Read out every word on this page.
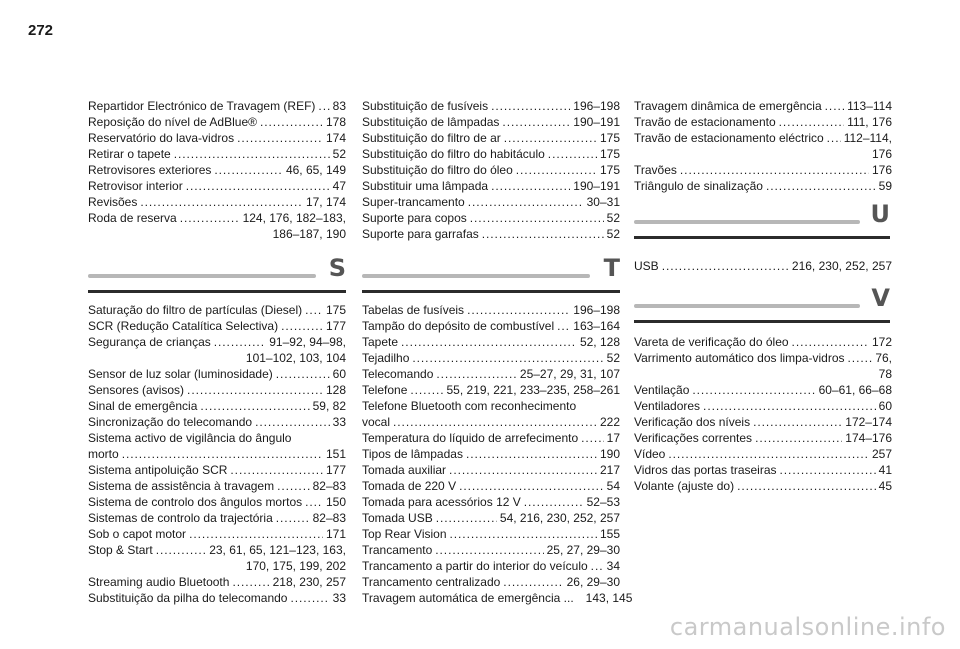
272
Repartidor Electrónico de Travagem (REF) . . . 83
Reposição do nível de AdBlue® . . .	178
Reservatório do lava-vidros . . .	174
Retirar o tapete . . .	52
Retrovisores exteriores . . .	46, 65, 149
Retrovisor interior . . .	47
Revisões . . .	17, 174
Roda de reserva . . .	124, 176, 182–183,
186–187, 190
S
Saturação do filtro de partículas (Diesel) . . . 175
SCR (Redução Catalítica Selectiva) . . .	177
Segurança de crianças . . .	91–92, 94–98,
101–102, 103, 104
Sensor de luz solar (luminosidade) . . .	60
Sensores (avisos) . . .	128
Sinal de emergência . . .	59, 82
Sincronização do telecomando . . .	33
Sistema activo de vigilância do ângulo
morto . . .	151
Sistema antipoluição SCR . . .	177
Sistema de assistência à travagem . . .	82–83
Sistema de controlo dos ângulos mortos . . . 150
Sistemas de controlo da trajectória . . .	82–83
Sob o capot motor . . .	171
Stop & Start . . .	23, 61, 65, 121–123, 163,
170, 175, 199, 202
Streaming audio Bluetooth . . .	218, 230, 257
Substituição da pilha do telecomando . . .	33
Substituição de fusíveis . . .	196–198
Substituição de lâmpadas . . .	190–191
Substituição do filtro de ar . . .	175
Substituição do filtro do habitáculo . . .	175
Substituição do filtro do óleo . . .	175
Substituir uma lâmpada . . .	190–191
Super-trancamento . . .	30–31
Suporte para copos . . .	52
Suporte para garrafas . . .	52
T
Tabelas de fusíveis . . .	196–198
Tampão do depósito de combustível . . . 163–164
Tapete . . .	52, 128
Tejadilho . . .	52
Telecomando . . .	25–27, 29, 31, 107
Telefone . . .	55, 219, 221, 233–235, 258–261
Telefone Bluetooth com reconhecimento
vocal . . .	222
Temperatura do líquido de arrefecimento . . . 17
Tipos de lâmpadas . . .	190
Tomada auxiliar . . .	217
Tomada de 220 V . . .	54
Tomada para acessórios 12 V . . .	52–53
Tomada USB . . .	54, 216, 230, 252, 257
Top Rear Vision . . .	155
Trancamento . . .	25, 27, 29–30
Trancamento a partir do interior do veículo . . . 34
Trancamento centralizado . . .	26, 29–30
Travagem automática de emergência ... 143, 145
Travagem dinâmica de emergência . . . 113–114
Travão de estacionamento . . .	111, 176
Travão de estacionamento eléctrico . . . 112–114,
176
Travões . . .	176
Triângulo de sinalização . . .	59
U
USB . . .	216, 230, 252, 257
V
Vareta de verificação do óleo . . .	172
Varrimento automático dos limpa-vidros . . .	76,
78
Ventilação . . .	60–61, 66–68
Ventiladores . . .	60
Verificação dos níveis . . .	172–174
Verificações correntes . . .	174–176
Vídeo . . .	257
Vidros das portas traseiras . . .	41
Volante (ajuste do) . . .	45
carmanualsonline.info
